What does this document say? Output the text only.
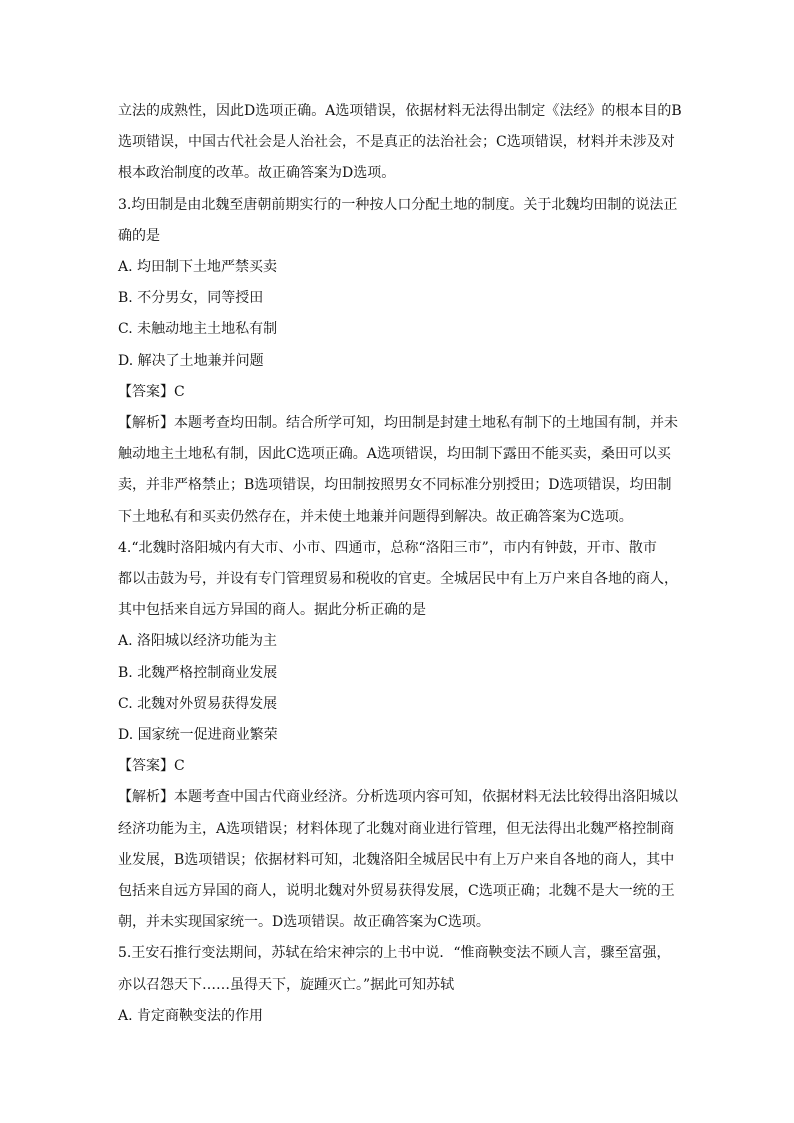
立法的成熟性，因此D选项正确。A选项错误，依据材料无法得出制定《法经》的根本目的B
选项错误，中国古代社会是人治社会，不是真正的法治社会；C选项错误，材料并未涉及对
根本政治制度的改革。故正确答案为D选项。
3.均田制是由北魏至唐朝前期实行的一种按人口分配土地的制度。关于北魏均田制的说法正
确的是
A. 均田制下土地严禁买卖
B. 不分男女，同等授田
C. 未触动地主土地私有制
D. 解决了土地兼并问题
【答案】C
【解析】本题考查均田制。结合所学可知，均田制是封建土地私有制下的土地国有制，并未
触动地主土地私有制，因此C选项正确。A选项错误，均田制下露田不能买卖，桑田可以买
卖，并非严格禁止；B选项错误，均田制按照男女不同标准分别授田；D选项错误，均田制
下土地私有和买卖仍然存在，并未使土地兼并问题得到解决。故正确答案为C选项。
4.“北魏时洛阳城内有大市、小市、四通市，总称“洛阳三市”，市内有钟鼓，开市、散市
都以击鼓为号，并设有专门管理贸易和税收的官吏。全城居民中有上万户来自各地的商人，
其中包括来自远方异国的商人。据此分析正确的是
A. 洛阳城以经济功能为主
B. 北魏严格控制商业发展
C. 北魏对外贸易获得发展
D. 国家统一促进商业繁荣
【答案】C
【解析】本题考查中国古代商业经济。分析选项内容可知，依据材料无法比较得出洛阳城以
经济功能为主，A选项错误；材料体现了北魏对商业进行管理，但无法得出北魏严格控制商
业发展，B选项错误；依据材料可知，北魏洛阳全城居民中有上万户来自各地的商人，其中
包括来自远方异国的商人，说明北魏对外贸易获得发展，C选项正确；北魏不是大一统的王
朝，并未实现国家统一。D选项错误。故正确答案为C选项。
5.王安石推行变法期间，苏轼在给宋神宗的上书中说．“惟商鞅变法不顾人言，骤至富强，
亦以召怨天下……虽得天下，旋踵灭亡。”据此可知苏轼
A. 肯定商鞅变法的作用
